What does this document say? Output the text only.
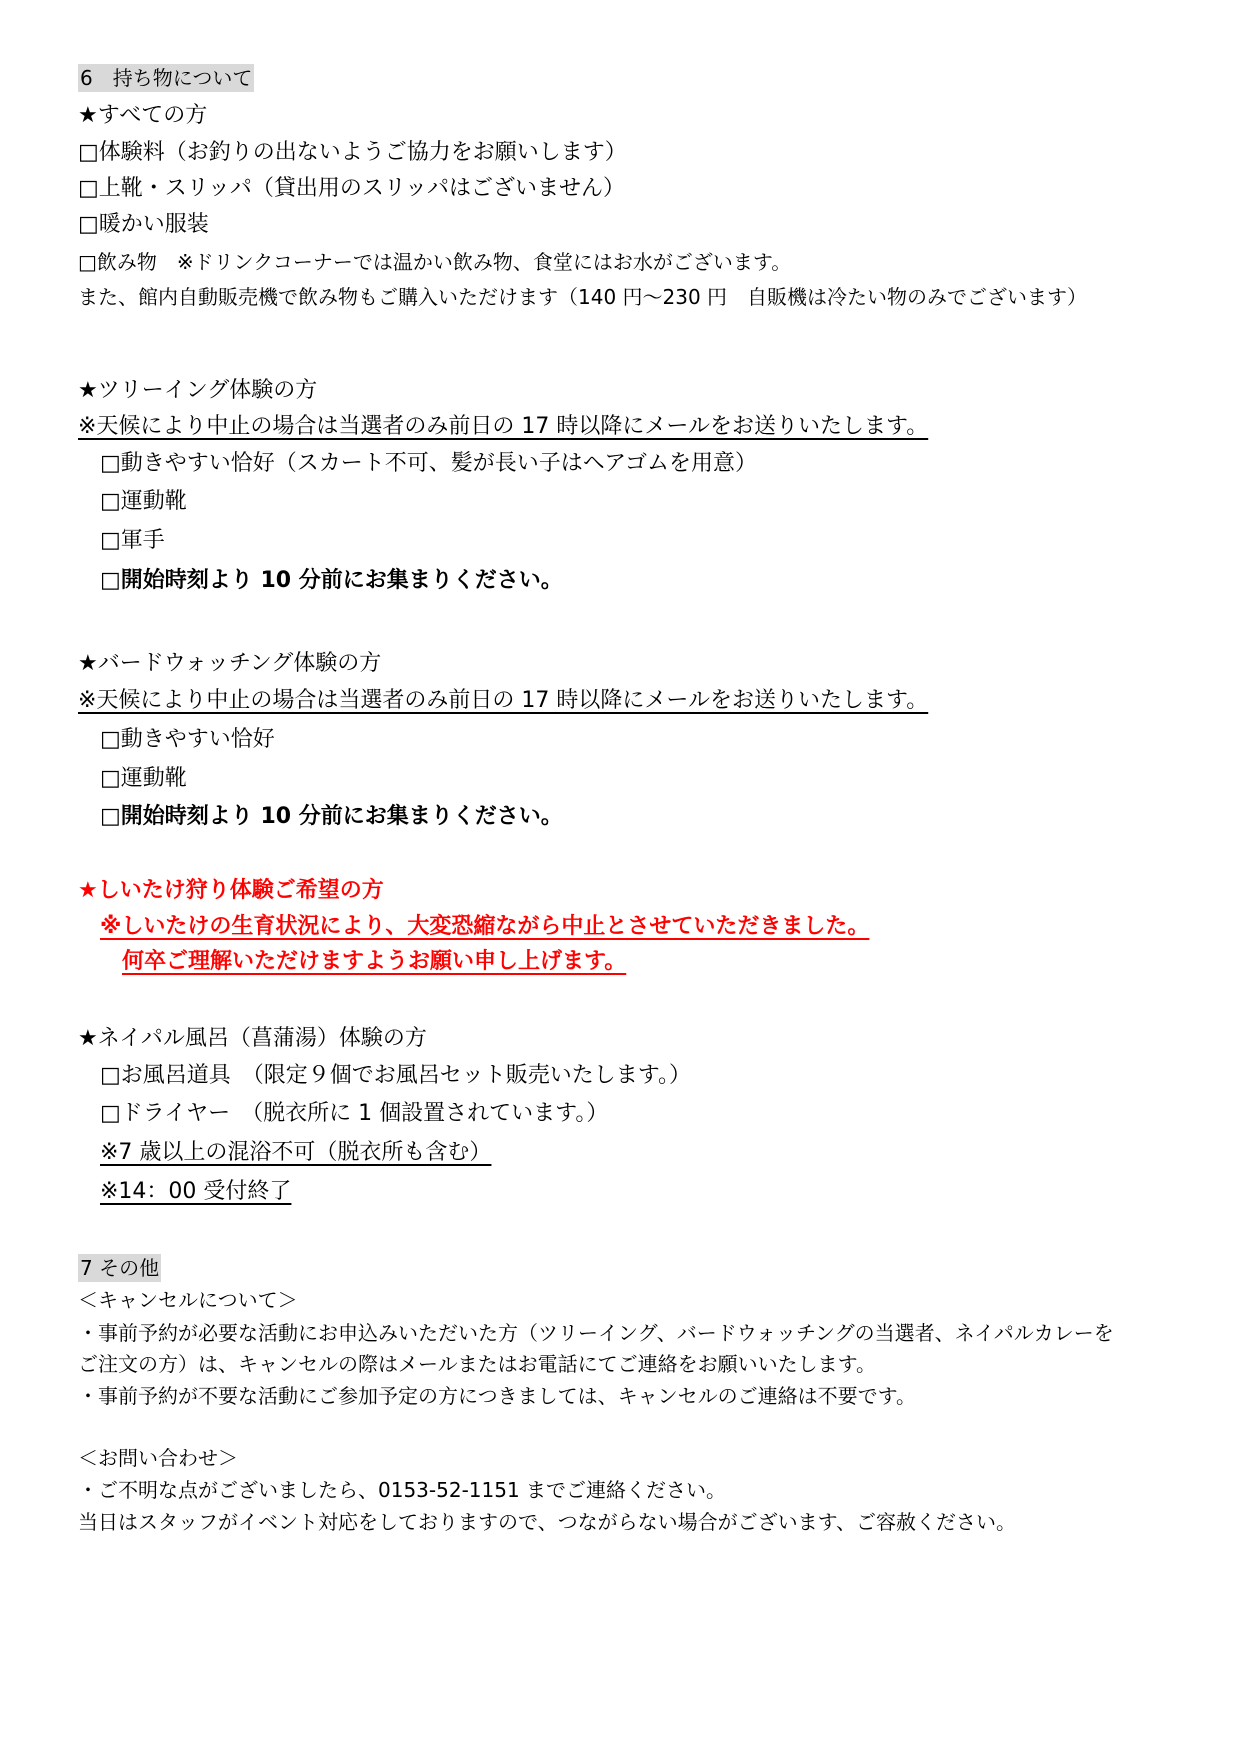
6　持ち物について
★すべての方
□体験料（お釣りの出ないようご協力をお願いします）
□上靴・スリッパ（貸出用のスリッパはございません）
□暖かい服装
□飲み物　※ドリンクコーナーでは温かい飲み物、食堂にはお水がございます。
また、館内自動販売機で飲み物もご購入いただけます（140 円～230 円　自販機は冷たい物のみでございます）
★ツリーイング体験の方
※天候により中止の場合は当選者のみ前日の 17 時以降にメールをお送りいたします。
□動きやすい恰好（スカート不可、髪が長い子はヘアゴムを用意）
□運動靴
□軍手
□開始時刻より 10 分前にお集まりください。
★バードウォッチング体験の方
※天候により中止の場合は当選者のみ前日の 17 時以降にメールをお送りいたします。
□動きやすい恰好
□運動靴
□開始時刻より 10 分前にお集まりください。
★しいたけ狩り体験ご希望の方
※しいたけの生育状況により、大変恐縮ながら中止とさせていただきました。
何卒ご理解いただけますようお願い申し上げます。
★ネイパル風呂（菖蒲湯）体験の方
□お風呂道具　（限定９個でお風呂セット販売いたします。）
□ドライヤー　（脱衣所に 1 個設置されています。）
※7 歳以上の混浴不可（脱衣所も含む）
※14：00 受付終了
7 その他
＜キャンセルについて＞
・事前予約が必要な活動にお申込みいただいた方（ツリーイング、バードウォッチングの当選者、ネイパルカレーを
ご注文の方）は、キャンセルの際はメールまたはお電話にてご連絡をお願いいたします。
・事前予約が不要な活動にご参加予定の方につきましては、キャンセルのご連絡は不要です。
＜お問い合わせ＞
・ご不明な点がございましたら、0153-52-1151 までご連絡ください。
当日はスタッフがイベント対応をしておりますので、つながらない場合がございます、ご容赦ください。
